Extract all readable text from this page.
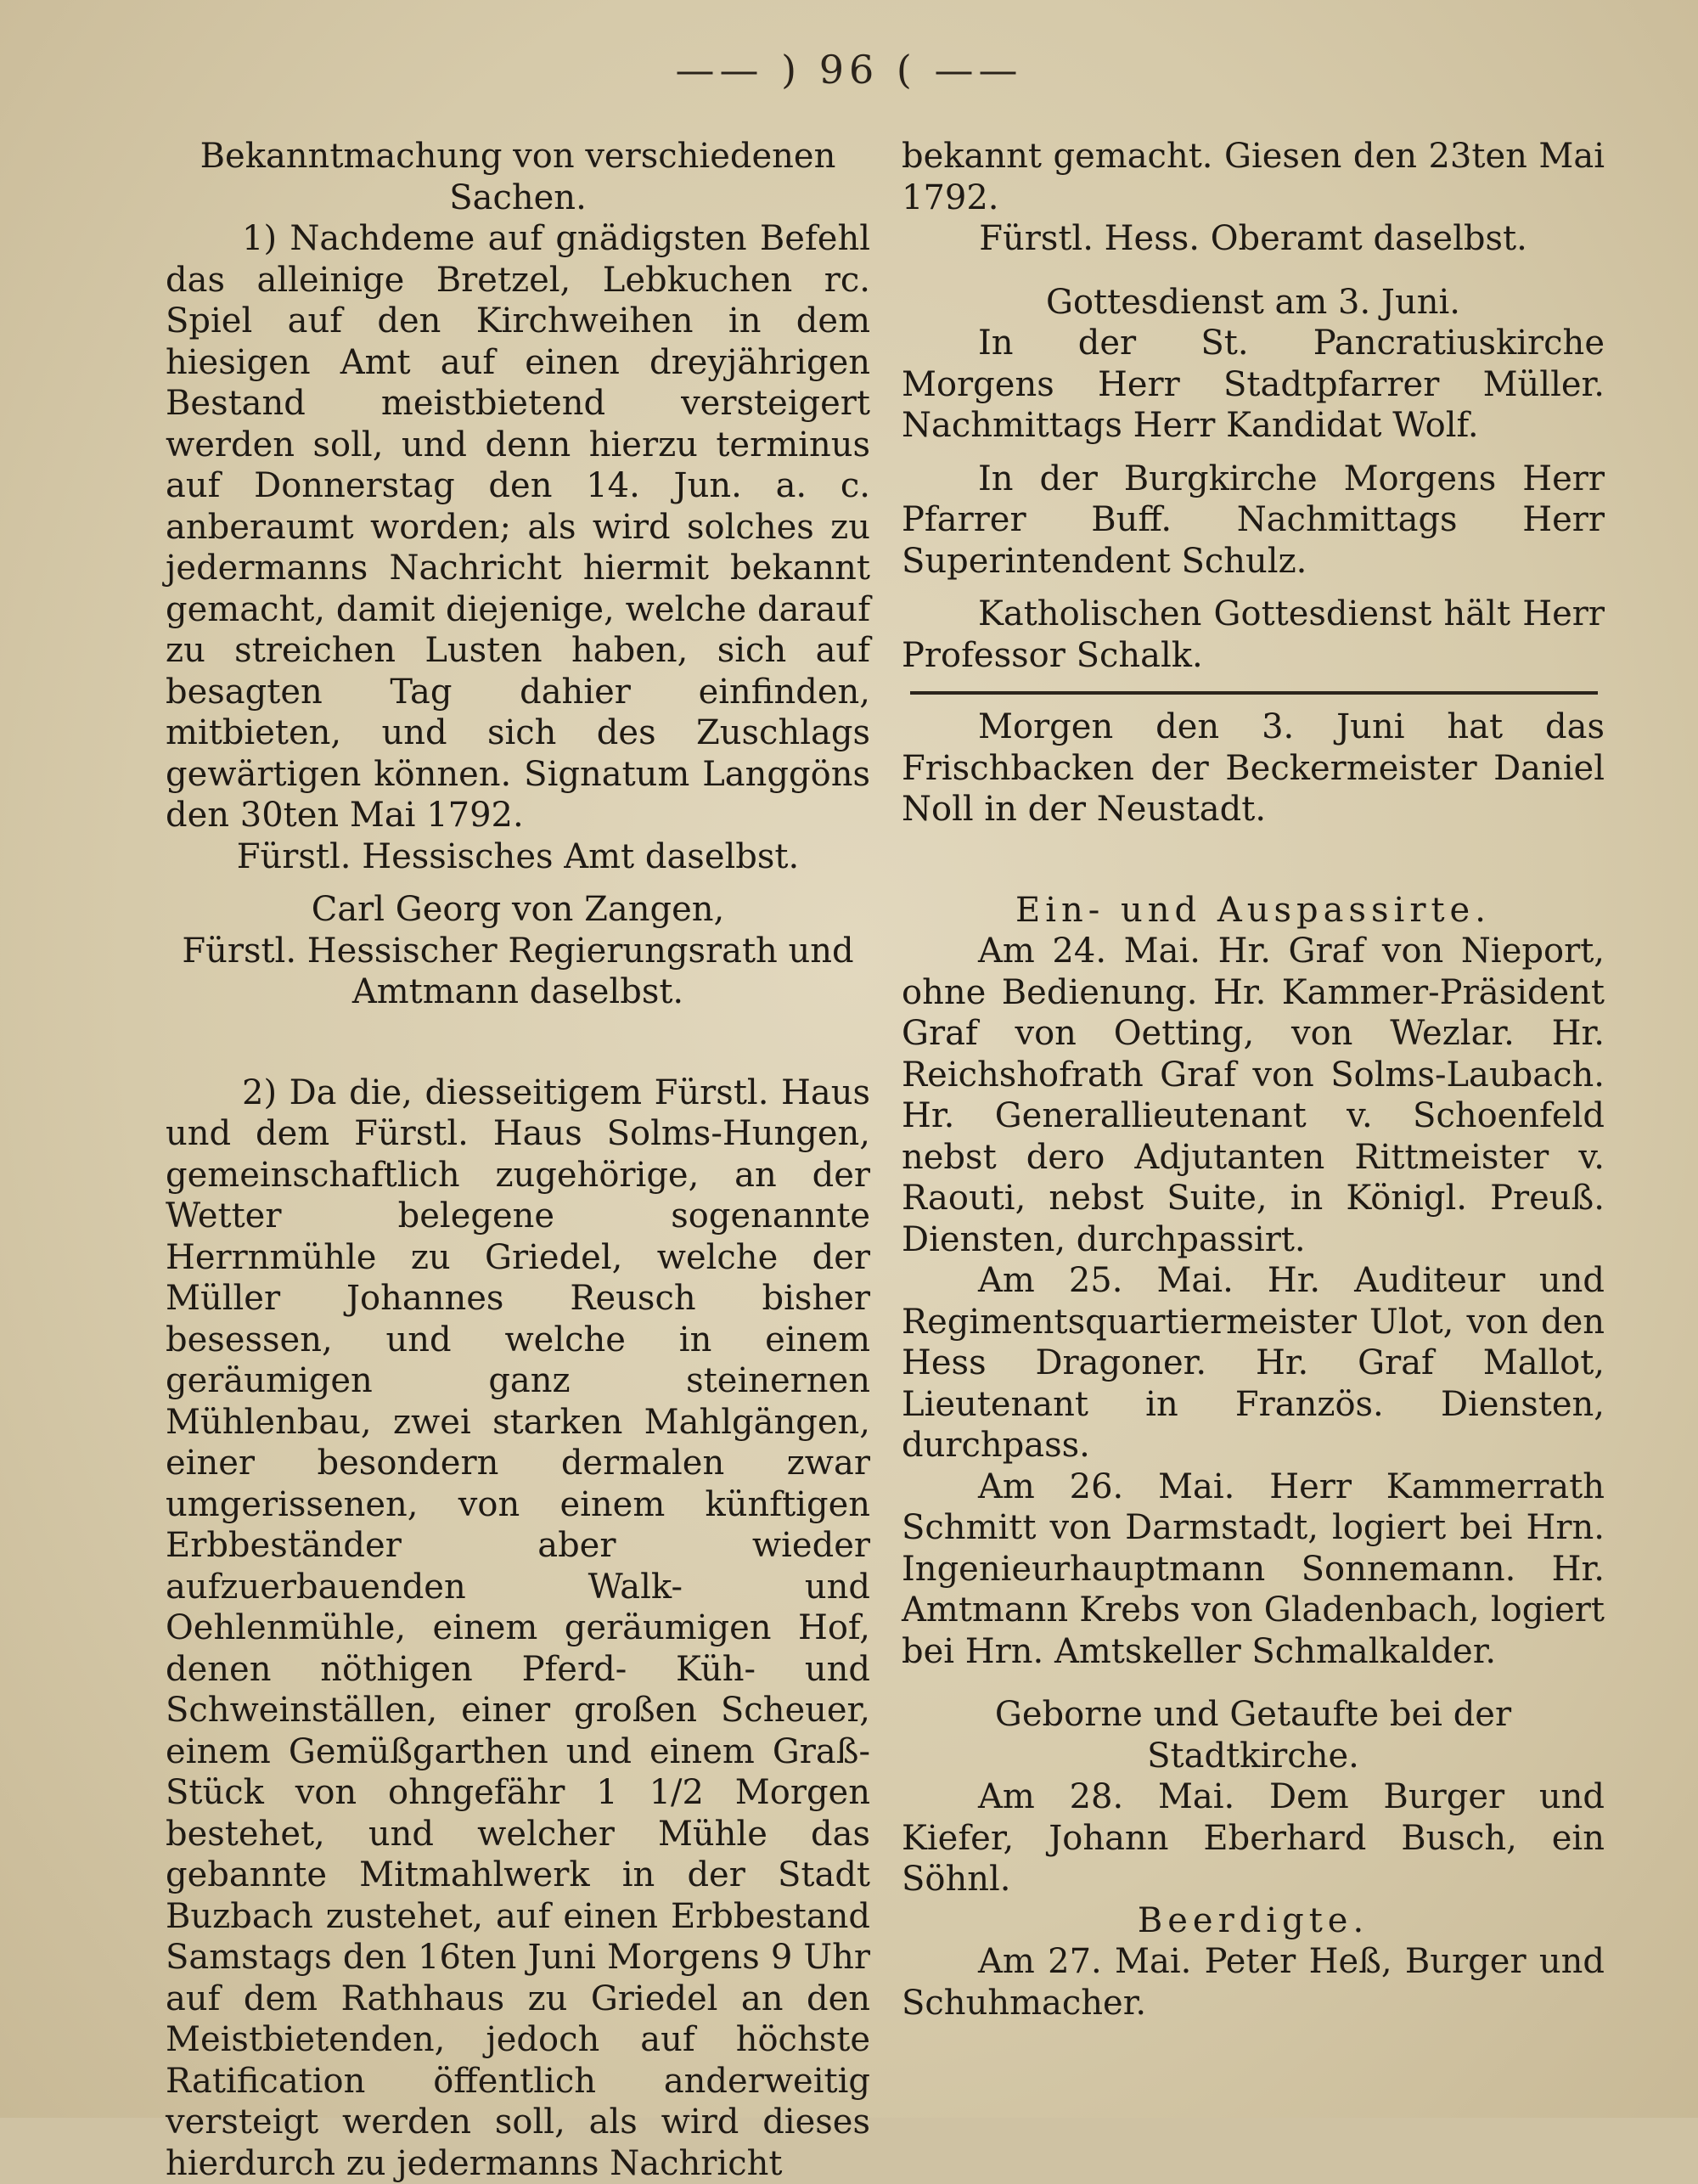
—— ) 96 ( ——

Bekanntmachung von verschiedenen Sachen.

1) Nachdeme auf gnädigsten Befehl das alleinige Bretzel, Lebkuchen rc. Spiel auf den Kirchweihen in dem hiesigen Amt auf einen dreyjährigen Bestand meistbietend versteigert werden soll, und denn hierzu terminus auf Donnerstag den 14. Jun. a. c. anberaumt worden; als wird solches zu jedermanns Nachricht hiermit bekannt gemacht, damit diejenige, welche darauf zu streichen Lusten haben, sich auf besagten Tag dahier einfinden, mitbieten, und sich des Zuschlags gewärtigen können. Signatum Langgöns den 30ten Mai 1792.

Fürstl. Hessisches Amt daselbst.

Carl Georg von Zangen,

Fürstl. Hessischer Regierungsrath und Amtmann daselbst.

2) Da die, diesseitigem Fürstl. Haus und dem Fürstl. Haus Solms-Hungen, gemeinschaftlich zugehörige, an der Wetter belegene sogenannte Herrnmühle zu Griedel, welche der Müller Johannes Reusch bisher besessen, und welche in einem geräumigen ganz steinernen Mühlenbau, zwei starken Mahlgängen, einer besondern dermalen zwar umgerissenen, von einem künftigen Erbbeständer aber wieder aufzuerbauenden Walk- und Oehlenmühle, einem geräumigen Hof, denen nöthigen Pferd- Küh- und Schweinställen, einer großen Scheuer, einem Gemüßgarthen und einem Graß-Stück von ohngefähr 1 1/2 Morgen bestehet, und welcher Mühle das gebannte Mitmahlwerk in der Stadt Buzbach zustehet, auf einen Erbbestand Samstags den 16ten Juni Morgens 9 Uhr auf dem Rathhaus zu Griedel an den Meistbietenden, jedoch auf höchste Ratification öffentlich anderweitig versteigt werden soll, als wird dieses hierdurch zu jedermanns Nachricht

bekannt gemacht. Giesen den 23ten Mai 1792.

Fürstl. Hess. Oberamt daselbst.

Gottesdienst am 3. Juni.

In der St. Pancratiuskirche Morgens Herr Stadtpfarrer Müller. Nachmittags Herr Kandidat Wolf.

In der Burgkirche Morgens Herr Pfarrer Buff. Nachmittags Herr Superintendent Schulz.

Katholischen Gottesdienst hält Herr Professor Schalk.

Morgen den 3. Juni hat das Frischbacken der Beckermeister Daniel Noll in der Neustadt.

Ein- und Auspassirte.

Am 24. Mai. Hr. Graf von Nieport, ohne Bedienung. Hr. Kammer-Präsident Graf von Oetting, von Wezlar. Hr. Reichshofrath Graf von Solms-Laubach. Hr. Generallieutenant v. Schoenfeld nebst dero Adjutanten Rittmeister v. Raouti, nebst Suite, in Königl. Preuß. Diensten, durchpassirt.

Am 25. Mai. Hr. Auditeur und Regimentsquartiermeister Ulot, von den Hess Dragoner. Hr. Graf Mallot, Lieutenant in Französ. Diensten, durchpass.

Am 26. Mai. Herr Kammerrath Schmitt von Darmstadt, logiert bei Hrn. Ingenieurhauptmann Sonnemann. Hr. Amtmann Krebs von Gladenbach, logiert bei Hrn. Amtskeller Schmalkalder.

Geborne und Getaufte bei der Stadtkirche.

Am 28. Mai. Dem Burger und Kiefer, Johann Eberhard Busch, ein Söhnl.

Beerdigte.

Am 27. Mai. Peter Heß, Burger und Schuhmacher.
